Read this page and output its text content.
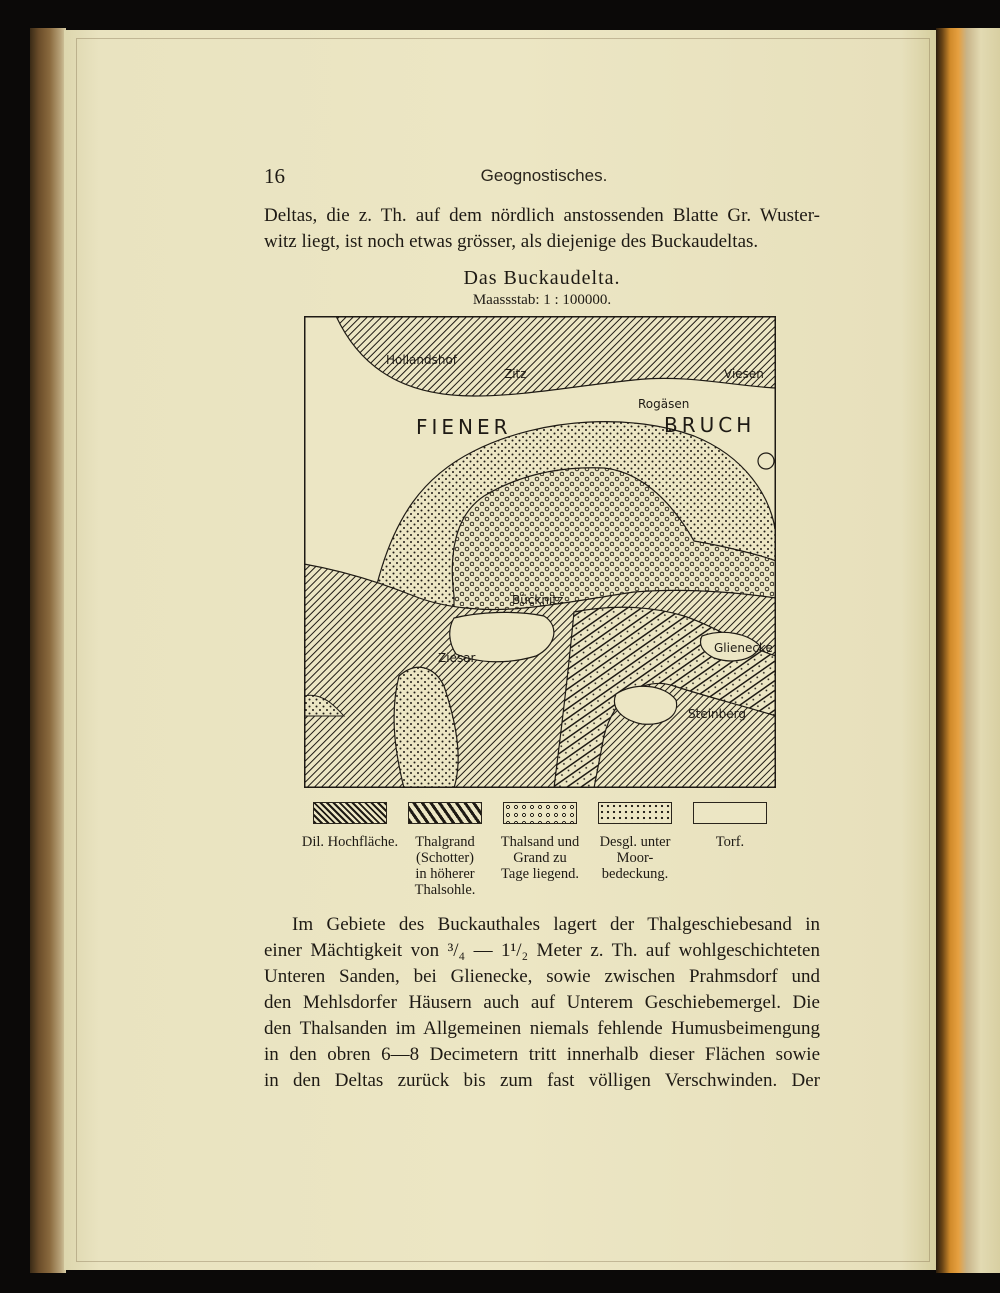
16	Geognostisches.
Deltas, die z. Th. auf dem nördlich anstossenden Blatte Gr. Wuster-
witz liegt, ist noch etwas grösser, als diejenige des Buckaudeltas.
Das Buckaudelta.
Maassstab: 1 : 100000.
Hollandshof
Zitz	Viesen
Rogäsen
FIENER	BRUCH
Bücknitz
Ziesar
Glienecke
Steinberg
Dil. Hochfläche.	Thalgrand
(Schotter)
in höherer
Thalsohle.
Thalsand und
Grand zu
Tage liegend.
Desgl. unter
Moor-
bedeckung.
Torf.
Im Gebiete des Buckauthales lagert der Thalgeschiebesand in
einer Mächtigkeit von ³/₄ — 1¹/₂ Meter z. Th. auf wohlgeschichteten
Unteren Sanden, bei Glienecke, sowie zwischen Prahmsdorf und
den Mehlsdorfer Häusern auch auf Unterem Geschiebemergel. Die
den Thalsanden im Allgemeinen niemals fehlende Humusbeimengung
in den obren 6—8 Decimetern tritt innerhalb dieser Flächen sowie
in den Deltas zurück bis zum fast völligen Verschwinden. Der
